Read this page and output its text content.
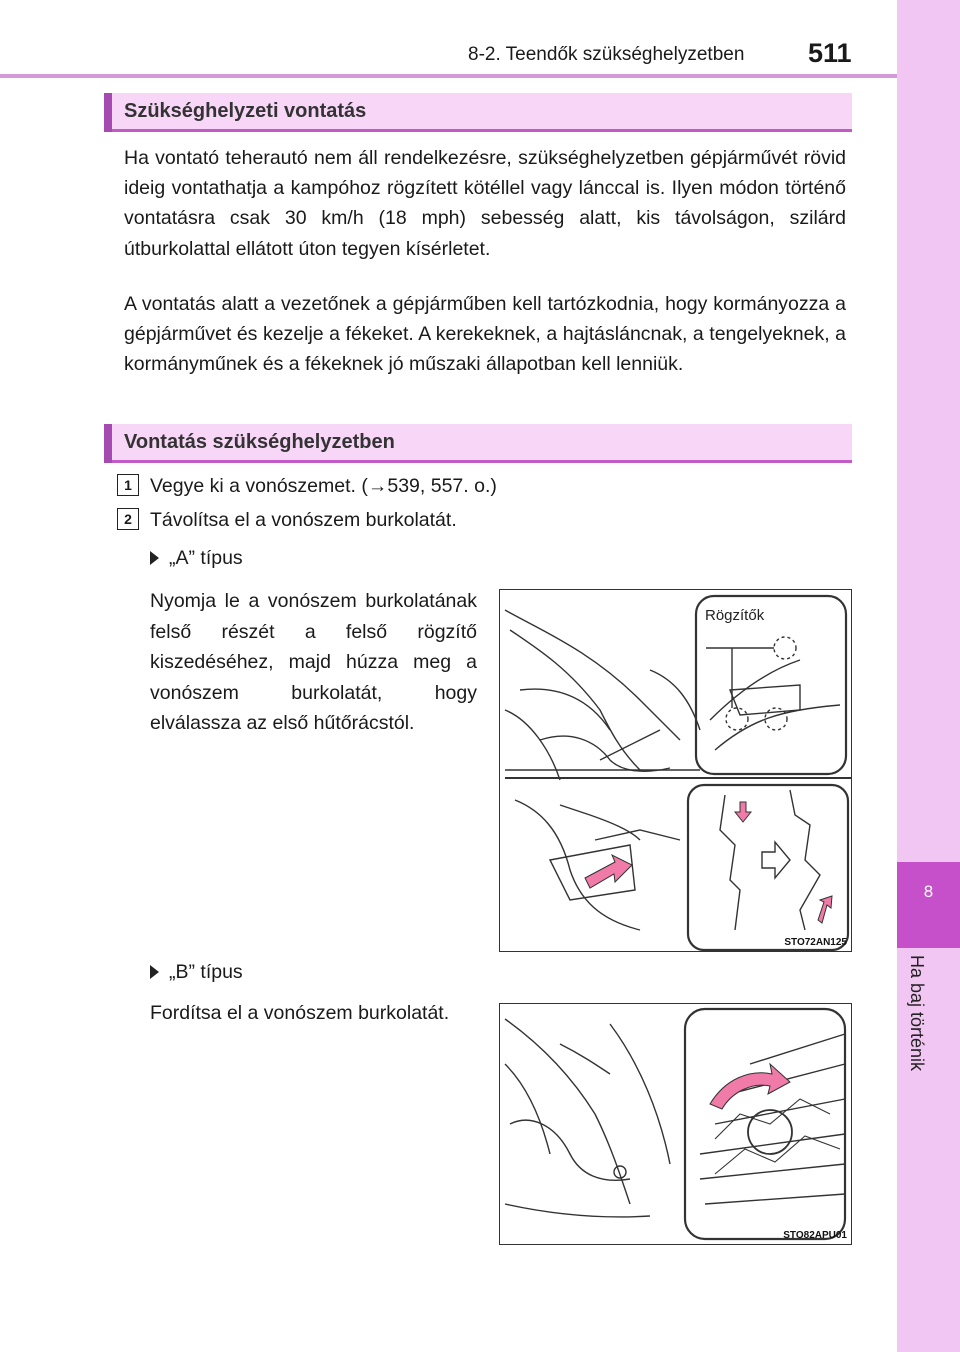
8-2. Teendők szükséghelyzetben 511
8
Ha baj történik
Szükséghelyzeti vontatás

Ha vontató teherautó nem áll rendelkezésre, szükséghelyzetben gépjárművét rövid ideig vontathatja a kampóhoz rögzített kötéllel vagy lánccal is. Ilyen módon történő vontatásra csak 30 km/h (18 mph) sebesség alatt, kis távolságon, szilárd útburkolattal ellátott úton tegyen kísérletet.

A vontatás alatt a vezetőnek a gépjárműben kell tartózkodnia, hogy kormányozza a gépjárművet és kezelje a fékeket. A kerekeknek, a hajtásláncnak, a tengelyeknek, a kormányműnek és a fékeknek jó műszaki állapotban kell lenniük.

Vontatás szükséghelyzetben
1 Vegye ki a vonószemet. (→539, 557. o.)
2 Távolítsa el a vonószem burkolatát.
„A” típus

Nyomja le a vonószem burkolatának felső részét a felső rögzítő kiszedéséhez, majd húzza meg a vonószem burkolatát, hogy elválassza az első hűtőrácstól.

Rögzítők
STO72AN125
„B” típus

Fordítsa el a vonószem burkolatát.

STO82APU01
